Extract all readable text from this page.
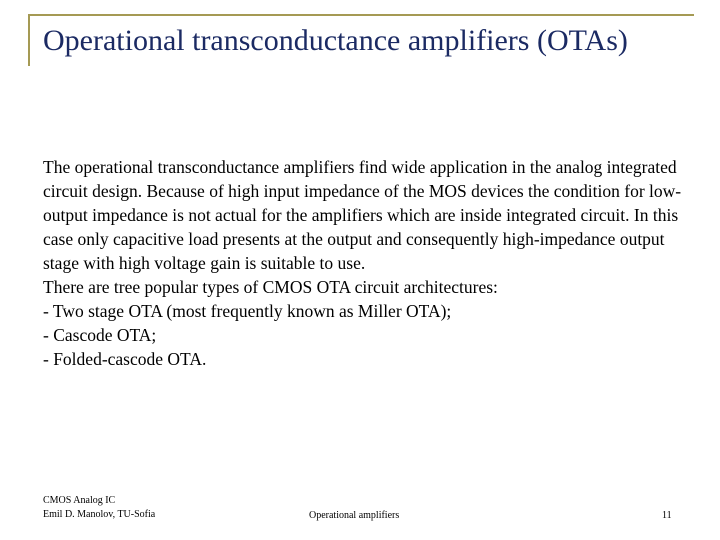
Operational transconductance amplifiers (OTAs)

The operational transconductance amplifiers find wide application in the analog integrated circuit design. Because of high input impedance of the MOS devices the condition for low-output impedance is not actual for the amplifiers which are inside integrated circuit. In this case only capacitive load presents at the output and consequently high-impedance output stage with high voltage gain is suitable to use.

There are tree popular types of CMOS OTA circuit architectures:

- Two stage OTA (most frequently known as Miller OTA);

- Cascode OTA;

- Folded-cascode OTA.

CMOS Analog IC
Emil D. Manolov, TU-Sofia	Operational amplifiers	11
